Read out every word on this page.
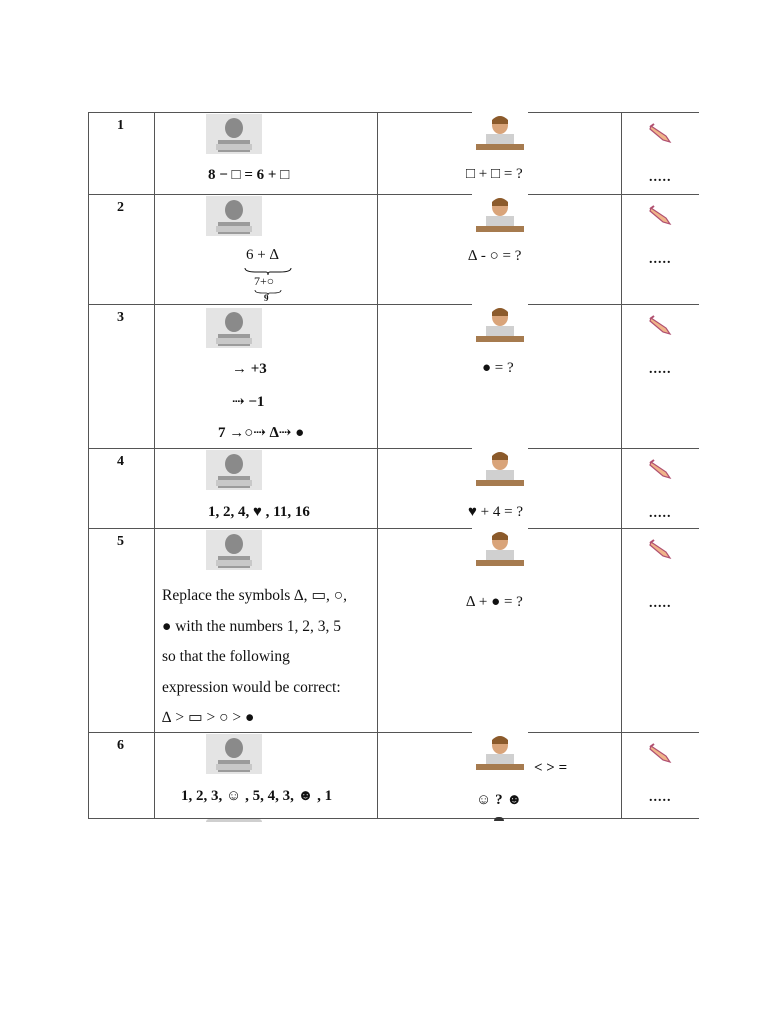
1
8 − □ = 6 + □	□ + □ = ?	.....
2
6 + ∆
7+○
9
∆ - ○ = ?	.....
3
→ +3
⇢ −1
7 →○⇢ ∆⇢ ●
● = ?	.....
4
1, 2, 4, ♥ , 11, 16	♥ + 4 = ?	.....
5

Replace the symbols ∆, ▭, ○,

● with the numbers 1, 2, 3, 5

so that the following

expression would be correct:

∆ > ▭ > ○ > ●

∆ + ● = ?	.....
6
1, 2, 3, ☺ , 5, 4, 3, ☻ , 1
< > =
☺ ? ☻	.....
